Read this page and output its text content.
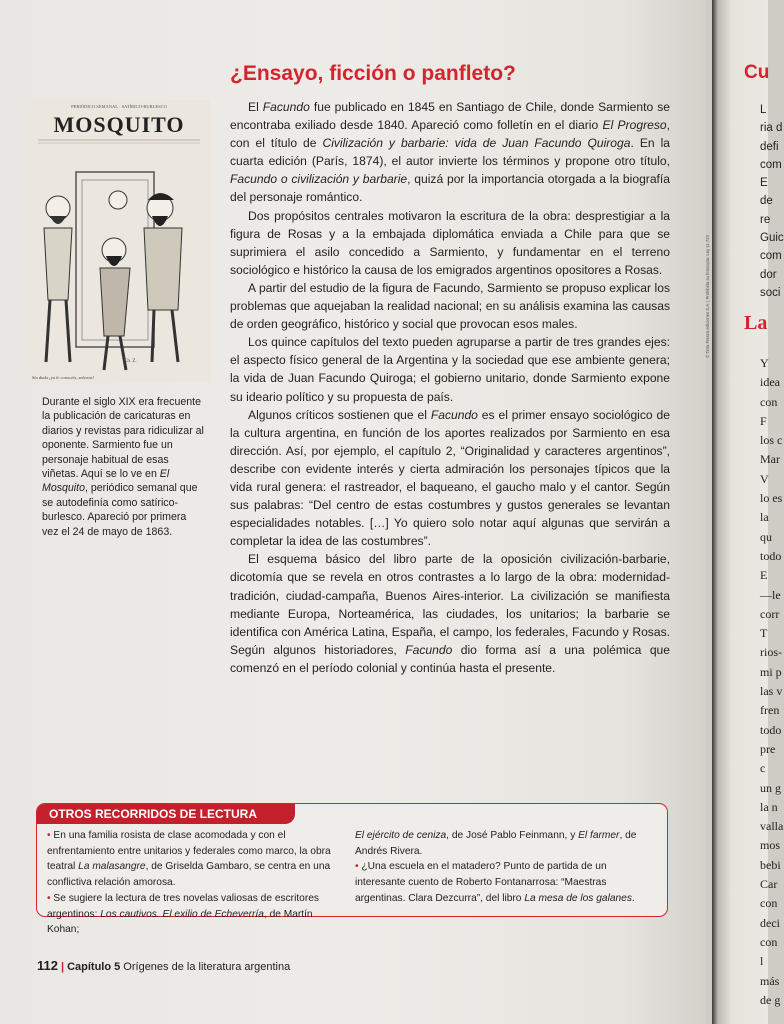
¿Ensayo, ficción o panfleto?

El Facundo fue publicado en 1845 en Santiago de Chile, donde Sarmiento se encontraba exiliado desde 1840. Apareció como folletín en el diario El Progreso, con el título de Civilización y barbarie: vida de Juan Facundo Quiroga. En la cuarta edición (París, 1874), el autor invierte los términos y propone otro título, Facundo o civilización y barbarie, quizá por la importancia otorgada a la biografía del personaje romántico.

Dos propósitos centrales motivaron la escritura de la obra: desprestigiar a la figura de Rosas y a la embajada diplomática enviada a Chile para que se suprimiera el asilo concedido a Sarmiento, y fundamentar en el terreno sociológico e histórico la causa de los emigrados argentinos opositores a Rosas.

A partir del estudio de la figura de Facundo, Sarmiento se propuso explicar los problemas que aquejaban la realidad nacional; en su análisis examina las causas de orden geográfico, histórico y social que provocan esos males.

Los quince capítulos del texto pueden agruparse a partir de tres grandes ejes: el aspecto físico general de la Argentina y la sociedad que ese ambiente genera; la vida de Juan Facundo Quiroga; el gobierno unitario, donde Sarmiento expone su ideario político y su propuesta de país.

Algunos críticos sostienen que el Facundo es el primer ensayo sociológico de la cultura argentina, en función de los aportes realizados por Sarmiento en esa dirección. Así, por ejemplo, el capítulo 2, “Originalidad y caracteres argentinos”, describe con evidente interés y cierta admiración los personajes típicos que la vida rural genera: el rastreador, el baqueano, el gaucho malo y el cantor. Según sus palabras: “Del centro de estas costumbres y gustos generales se levantan especialidades notables. […] Yo quiero solo notar aquí algunas que servirán a completar la idea de las costumbres”.

El esquema básico del libro parte de la oposición civilización-barbarie, dicotomía que se revela en otros contrastes a lo largo de la obra: modernidad-tradición, ciudad-campaña, Buenos Aires-interior. La civilización se manifiesta mediante Europa, Norteamérica, las ciudades, los unitarios; la barbarie se identifica con América Latina, España, el campo, los federales, Facundo y Rosas. Según algunos historiadores, Facundo dio forma así a una polémica que comenzó en el período colonial y continúa hasta el presente.

PERIÓDICO SEMANAL · SATÍRICO-BURLESCO
MOSQUITO
Ch. Z.
Sin duda ¡ya le conocéis, señoras!
Durante el siglo XIX era frecuente la publicación de caricaturas en diarios y revistas para ridiculizar al oponente. Sarmiento fue un personaje habitual de esas viñetas. Aquí se lo ve en El Mosquito, periódico semanal que se autodefinía como satírico-burlesco. Apareció por primera vez el 24 de mayo de 1863.
OTROS RECORRIDOS DE LECTURA

• En una familia rosista de clase acomodada y con el enfrentamiento entre unitarios y federales como marco, la obra teatral La malasangre, de Griselda Gambaro, se centra en una conflictiva relación amorosa.

• Se sugiere la lectura de tres novelas valiosas de escritores argentinos: Los cautivos. El exilio de Echeverría, de Martín Kohan;

El ejército de ceniza, de José Pablo Feinmann, y El farmer, de Andrés Rivera.

• ¿Una escuela en el matadero? Punto de partida de un interesante cuento de Roberto Fontanarrosa: “Maestras argentinas. Clara Dezcurra”, del libro La mesa de los galanes.

112 | Capítulo 5 Orígenes de la literatura argentina
© Tinta Fresca ediciones S.A. | Prohibida su fotocopia. Ley 11.723
Cu
L
ria d
defi
com
E
de re
Guic
com
dor
soci
La
Y
idea
con
F
los c
Mar
V
lo es
la qu
todo
E
—le
corr
T
rios-
mi p
las v
fren
todo
pre c
un g
la n
valla
mos
bebi
Car
con
deci
con
l
más
de g
